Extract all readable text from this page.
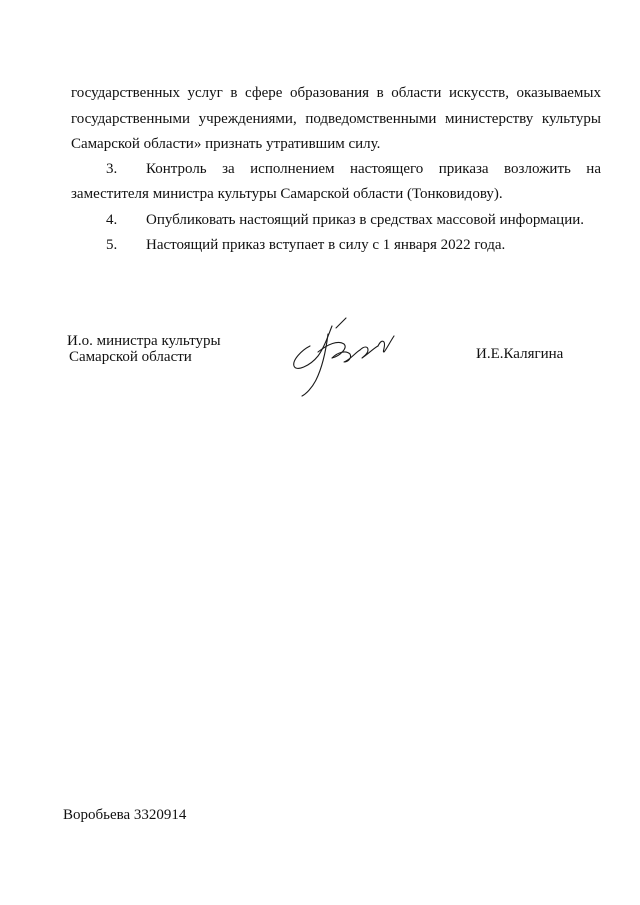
государственных услуг в сфере образования в области искусств, оказываемых
государственными учреждениями, подведомственными министерству культуры
Самарской области» признать утратившим силу.
3. Контроль за исполнением настоящего приказа возложить на
заместителя министра культуры Самарской области (Тонковидову).
4. Опубликовать настоящий приказ в средствах массовой информации.
5. Настоящий приказ вступает в силу с 1 января 2022 года.
И.о. министра культуры
Самарской области	И.Е.Калягина
Воробьева 3320914
